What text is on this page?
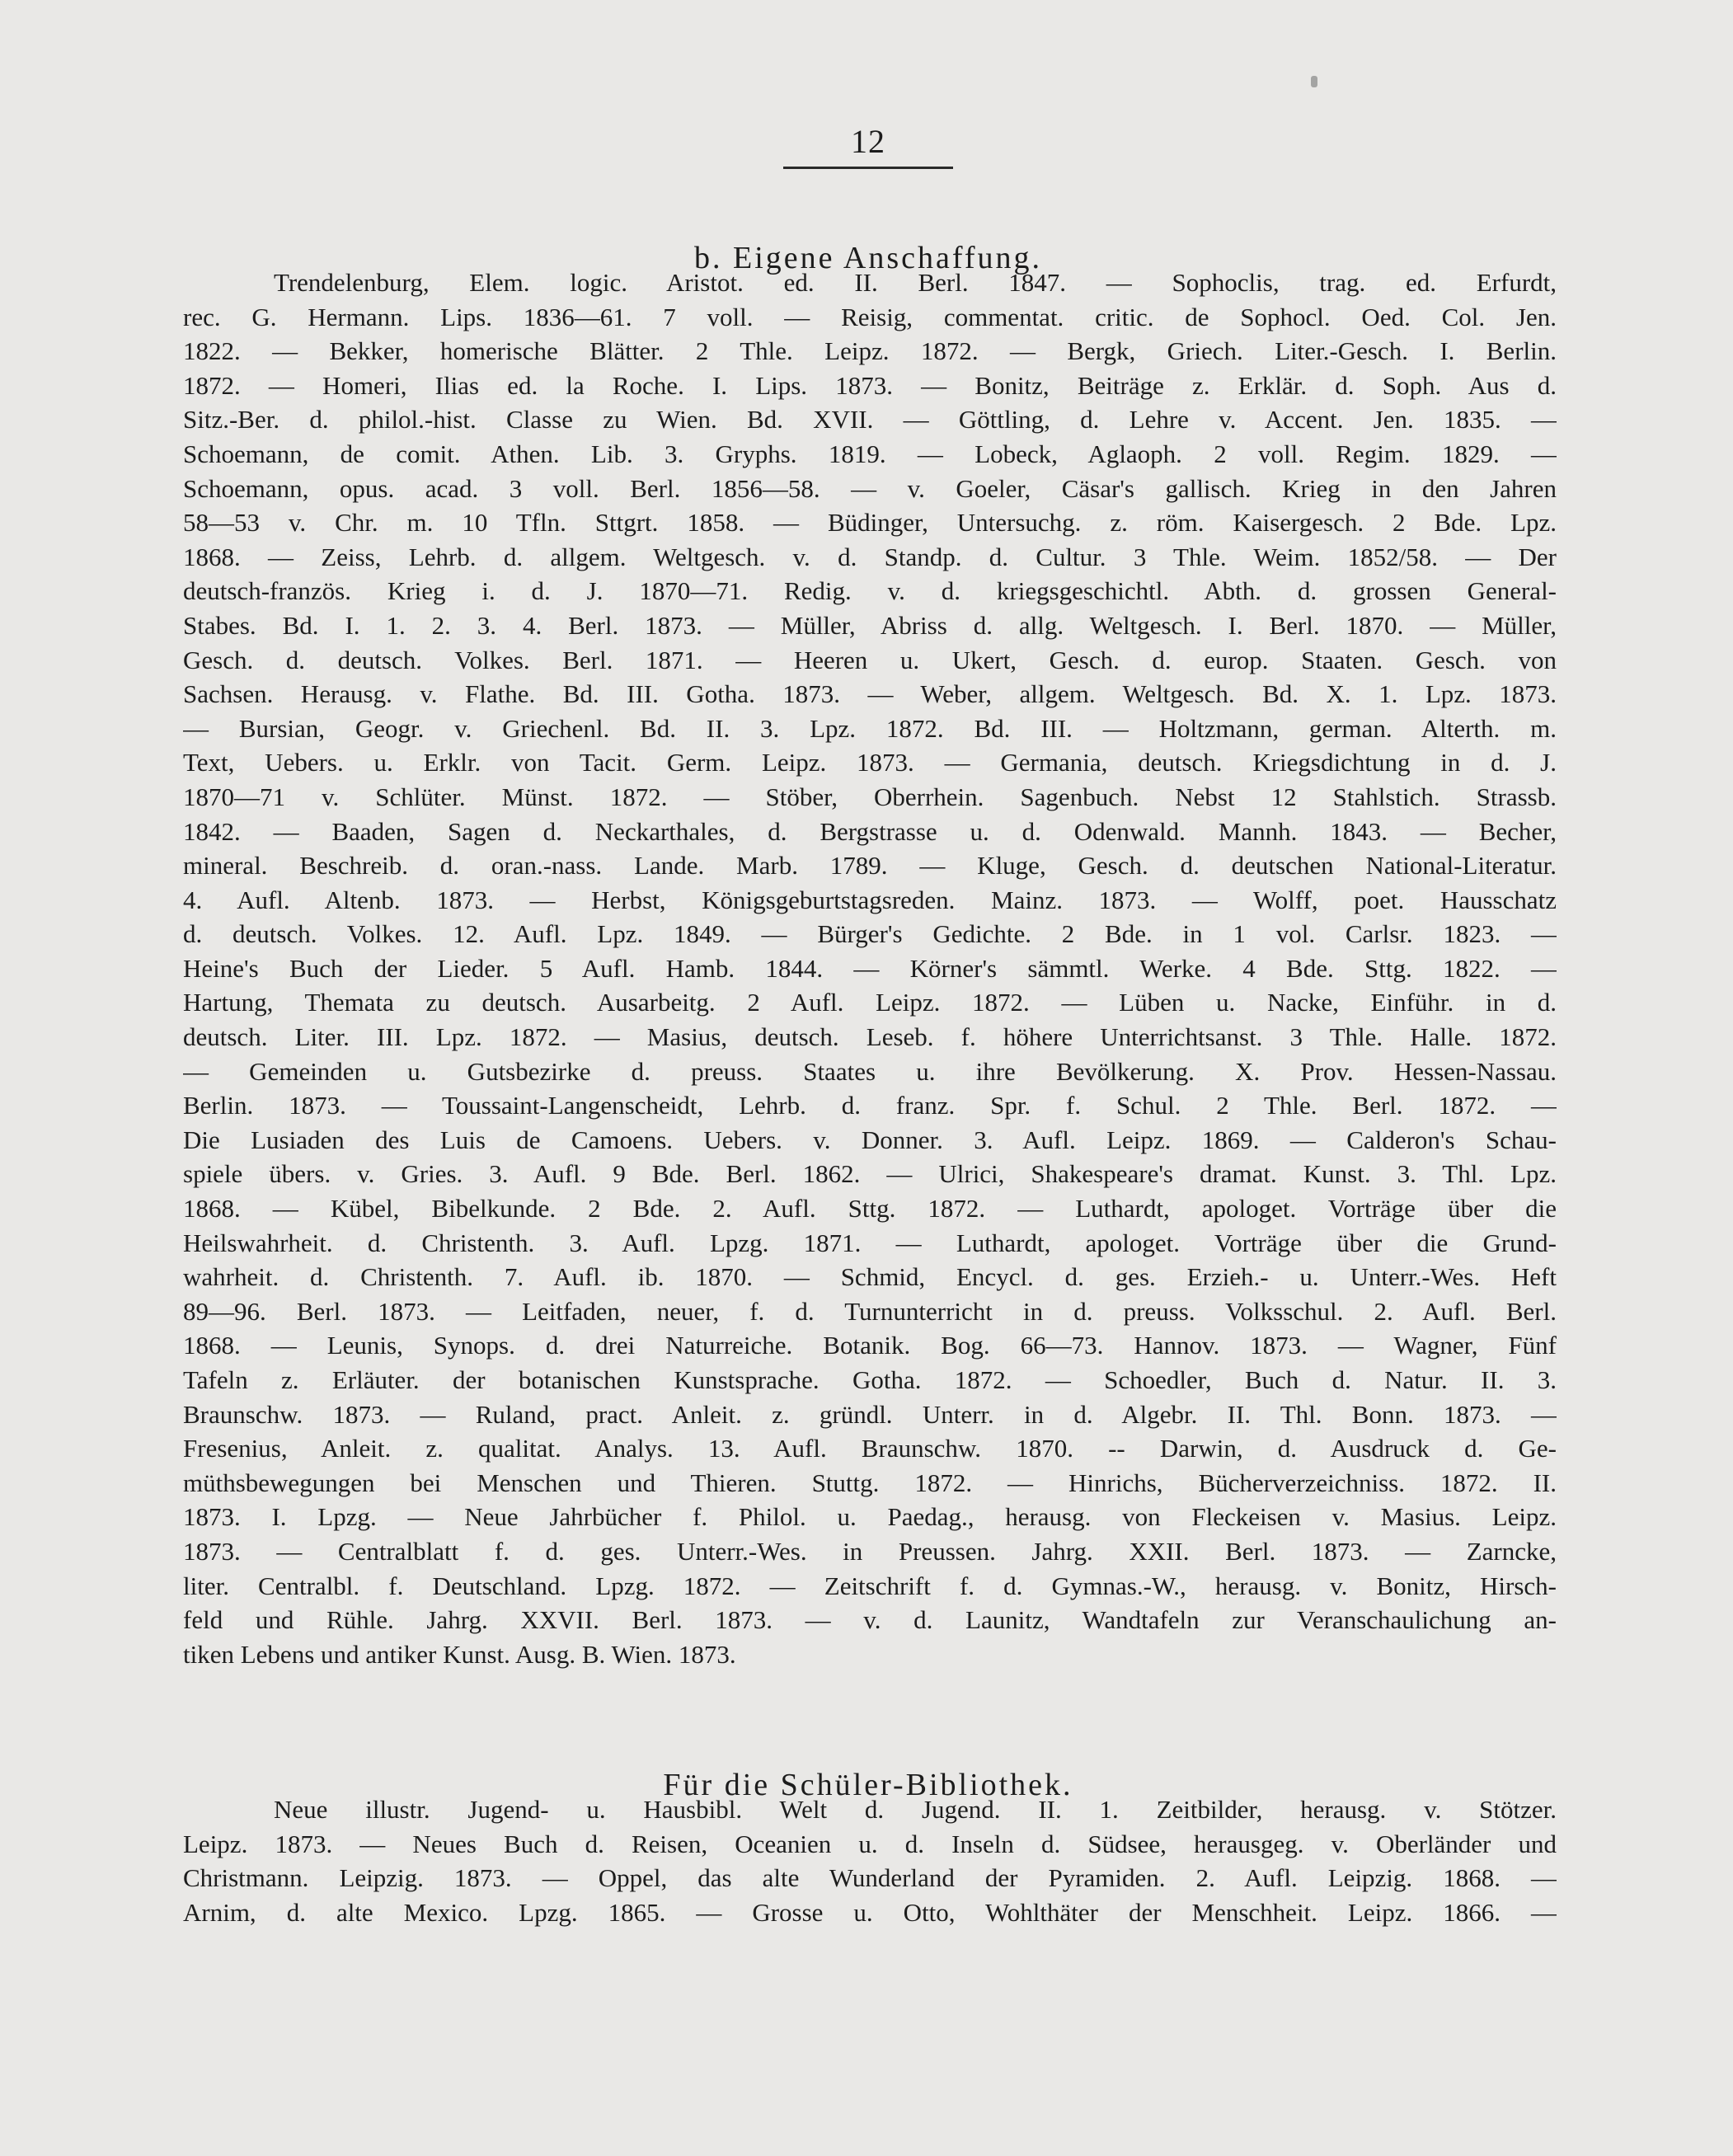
12
b. Eigene Anschaffung.
Trendelenburg, Elem. logic. Aristot. ed. II. Berl. 1847. — Sophoclis, trag. ed. Erfurdt,
rec. G. Hermann. Lips. 1836—61. 7 voll. — Reisig, commentat. critic. de Sophocl. Oed. Col. Jen.
1822. — Bekker, homerische Blätter. 2 Thle. Leipz. 1872. — Bergk, Griech. Liter.-Gesch. I. Berlin.
1872. — Homeri, Ilias ed. la Roche. I. Lips. 1873. — Bonitz, Beiträge z. Erklär. d. Soph. Aus d.
Sitz.-Ber. d. philol.-hist. Classe zu Wien. Bd. XVII. — Göttling, d. Lehre v. Accent. Jen. 1835. —
Schoemann, de comit. Athen. Lib. 3. Gryphs. 1819. — Lobeck, Aglaoph. 2 voll. Regim. 1829. —
Schoemann, opus. acad. 3 voll. Berl. 1856—58. — v. Goeler, Cäsar's gallisch. Krieg in den Jahren
58—53 v. Chr. m. 10 Tfln. Sttgrt. 1858. — Büdinger, Untersuchg. z. röm. Kaisergesch. 2 Bde. Lpz.
1868. — Zeiss, Lehrb. d. allgem. Weltgesch. v. d. Standp. d. Cultur. 3 Thle. Weim. 1852/58. — Der
deutsch-französ. Krieg i. d. J. 1870—71. Redig. v. d. kriegsgeschichtl. Abth. d. grossen General-
Stabes. Bd. I. 1. 2. 3. 4. Berl. 1873. — Müller, Abriss d. allg. Weltgesch. I. Berl. 1870. — Müller,
Gesch. d. deutsch. Volkes. Berl. 1871. — Heeren u. Ukert, Gesch. d. europ. Staaten. Gesch. von
Sachsen. Herausg. v. Flathe. Bd. III. Gotha. 1873. — Weber, allgem. Weltgesch. Bd. X. 1. Lpz. 1873.
— Bursian, Geogr. v. Griechenl. Bd. II. 3. Lpz. 1872. Bd. III. — Holtzmann, german. Alterth. m.
Text, Uebers. u. Erklr. von Tacit. Germ. Leipz. 1873. — Germania, deutsch. Kriegsdichtung in d. J.
1870—71 v. Schlüter. Münst. 1872. — Stöber, Oberrhein. Sagenbuch. Nebst 12 Stahlstich. Strassb.
1842. — Baaden, Sagen d. Neckarthales, d. Bergstrasse u. d. Odenwald. Mannh. 1843. — Becher,
mineral. Beschreib. d. oran.-nass. Lande. Marb. 1789. — Kluge, Gesch. d. deutschen National-Literatur.
4. Aufl. Altenb. 1873. — Herbst, Königsgeburtstagsreden. Mainz. 1873. — Wolff, poet. Hausschatz
d. deutsch. Volkes. 12. Aufl. Lpz. 1849. — Bürger's Gedichte. 2 Bde. in 1 vol. Carlsr. 1823. —
Heine's Buch der Lieder. 5 Aufl. Hamb. 1844. — Körner's sämmtl. Werke. 4 Bde. Sttg. 1822. —
Hartung, Themata zu deutsch. Ausarbeitg. 2 Aufl. Leipz. 1872. — Lüben u. Nacke, Einführ. in d.
deutsch. Liter. III. Lpz. 1872. — Masius, deutsch. Leseb. f. höhere Unterrichtsanst. 3 Thle. Halle. 1872.
— Gemeinden u. Gutsbezirke d. preuss. Staates u. ihre Bevölkerung. X. Prov. Hessen-Nassau.
Berlin. 1873. — Toussaint-Langenscheidt, Lehrb. d. franz. Spr. f. Schul. 2 Thle. Berl. 1872. —
Die Lusiaden des Luis de Camoens. Uebers. v. Donner. 3. Aufl. Leipz. 1869. — Calderon's Schau-
spiele übers. v. Gries. 3. Aufl. 9 Bde. Berl. 1862. — Ulrici, Shakespeare's dramat. Kunst. 3. Thl. Lpz.
1868. — Kübel, Bibelkunde. 2 Bde. 2. Aufl. Sttg. 1872. — Luthardt, apologet. Vorträge über die
Heilswahrheit. d. Christenth. 3. Aufl. Lpzg. 1871. — Luthardt, apologet. Vorträge über die Grund-
wahrheit. d. Christenth. 7. Aufl. ib. 1870. — Schmid, Encycl. d. ges. Erzieh.- u. Unterr.-Wes. Heft
89—96. Berl. 1873. — Leitfaden, neuer, f. d. Turnunterricht in d. preuss. Volksschul. 2. Aufl. Berl.
1868. — Leunis, Synops. d. drei Naturreiche. Botanik. Bog. 66—73. Hannov. 1873. — Wagner, Fünf
Tafeln z. Erläuter. der botanischen Kunstsprache. Gotha. 1872. — Schoedler, Buch d. Natur. II. 3.
Braunschw. 1873. — Ruland, pract. Anleit. z. gründl. Unterr. in d. Algebr. II. Thl. Bonn. 1873. —
Fresenius, Anleit. z. qualitat. Analys. 13. Aufl. Braunschw. 1870. -- Darwin, d. Ausdruck d. Ge-
müthsbewegungen bei Menschen und Thieren. Stuttg. 1872. — Hinrichs, Bücherverzeichniss. 1872. II.
1873. I. Lpzg. — Neue Jahrbücher f. Philol. u. Paedag., herausg. von Fleckeisen v. Masius. Leipz.
1873. — Centralblatt f. d. ges. Unterr.-Wes. in Preussen. Jahrg. XXII. Berl. 1873. — Zarncke,
liter. Centralbl. f. Deutschland. Lpzg. 1872. — Zeitschrift f. d. Gymnas.-W., herausg. v. Bonitz, Hirsch-
feld und Rühle. Jahrg. XXVII. Berl. 1873. — v. d. Launitz, Wandtafeln zur Veranschaulichung an-
tiken Lebens und antiker Kunst. Ausg. B. Wien. 1873.
Für die Schüler-Bibliothek.
Neue illustr. Jugend- u. Hausbibl. Welt d. Jugend. II. 1. Zeitbilder, herausg. v. Stötzer.
Leipz. 1873. — Neues Buch d. Reisen, Oceanien u. d. Inseln d. Südsee, herausgeg. v. Oberländer und
Christmann. Leipzig. 1873. — Oppel, das alte Wunderland der Pyramiden. 2. Aufl. Leipzig. 1868. —
Arnim, d. alte Mexico. Lpzg. 1865. — Grosse u. Otto, Wohlthäter der Menschheit. Leipz. 1866. —
